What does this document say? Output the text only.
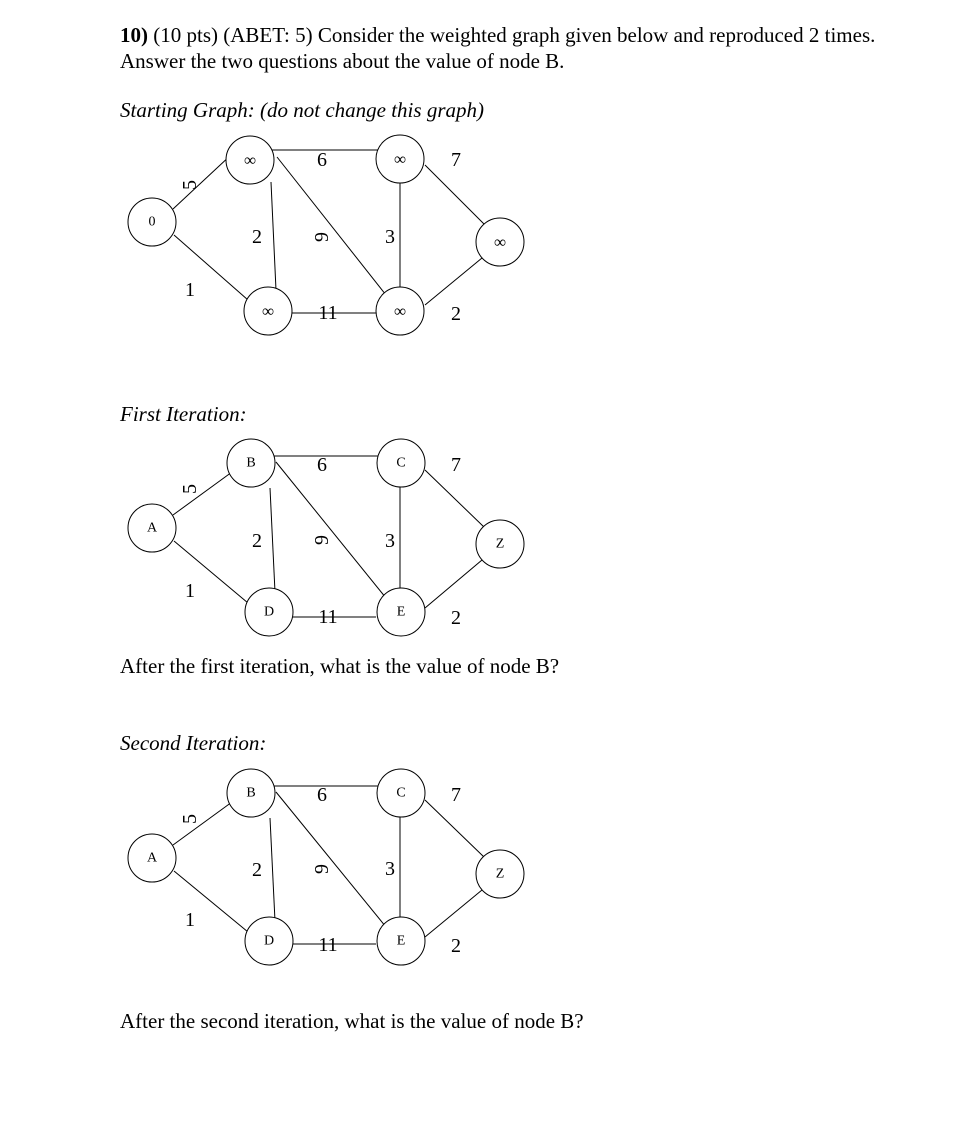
10) (10 pts) (ABET: 5) Consider the weighted graph given below and reproduced 2 times. Answer the two questions about the value of node B.
Starting Graph: (do not change this graph)
0
∞
∞
∞
∞
∞
5
1
2
6
9
11
3
7
2
First Iteration:
A
B
D
C
E
Z
5
1
2
6
9
11
3
7
2
After the first iteration, what is the value of node B?
Second Iteration:
A
B
D
C
E
Z
5
1
2
6
9
11
3
7
2
After the second iteration, what is the value of node B?
